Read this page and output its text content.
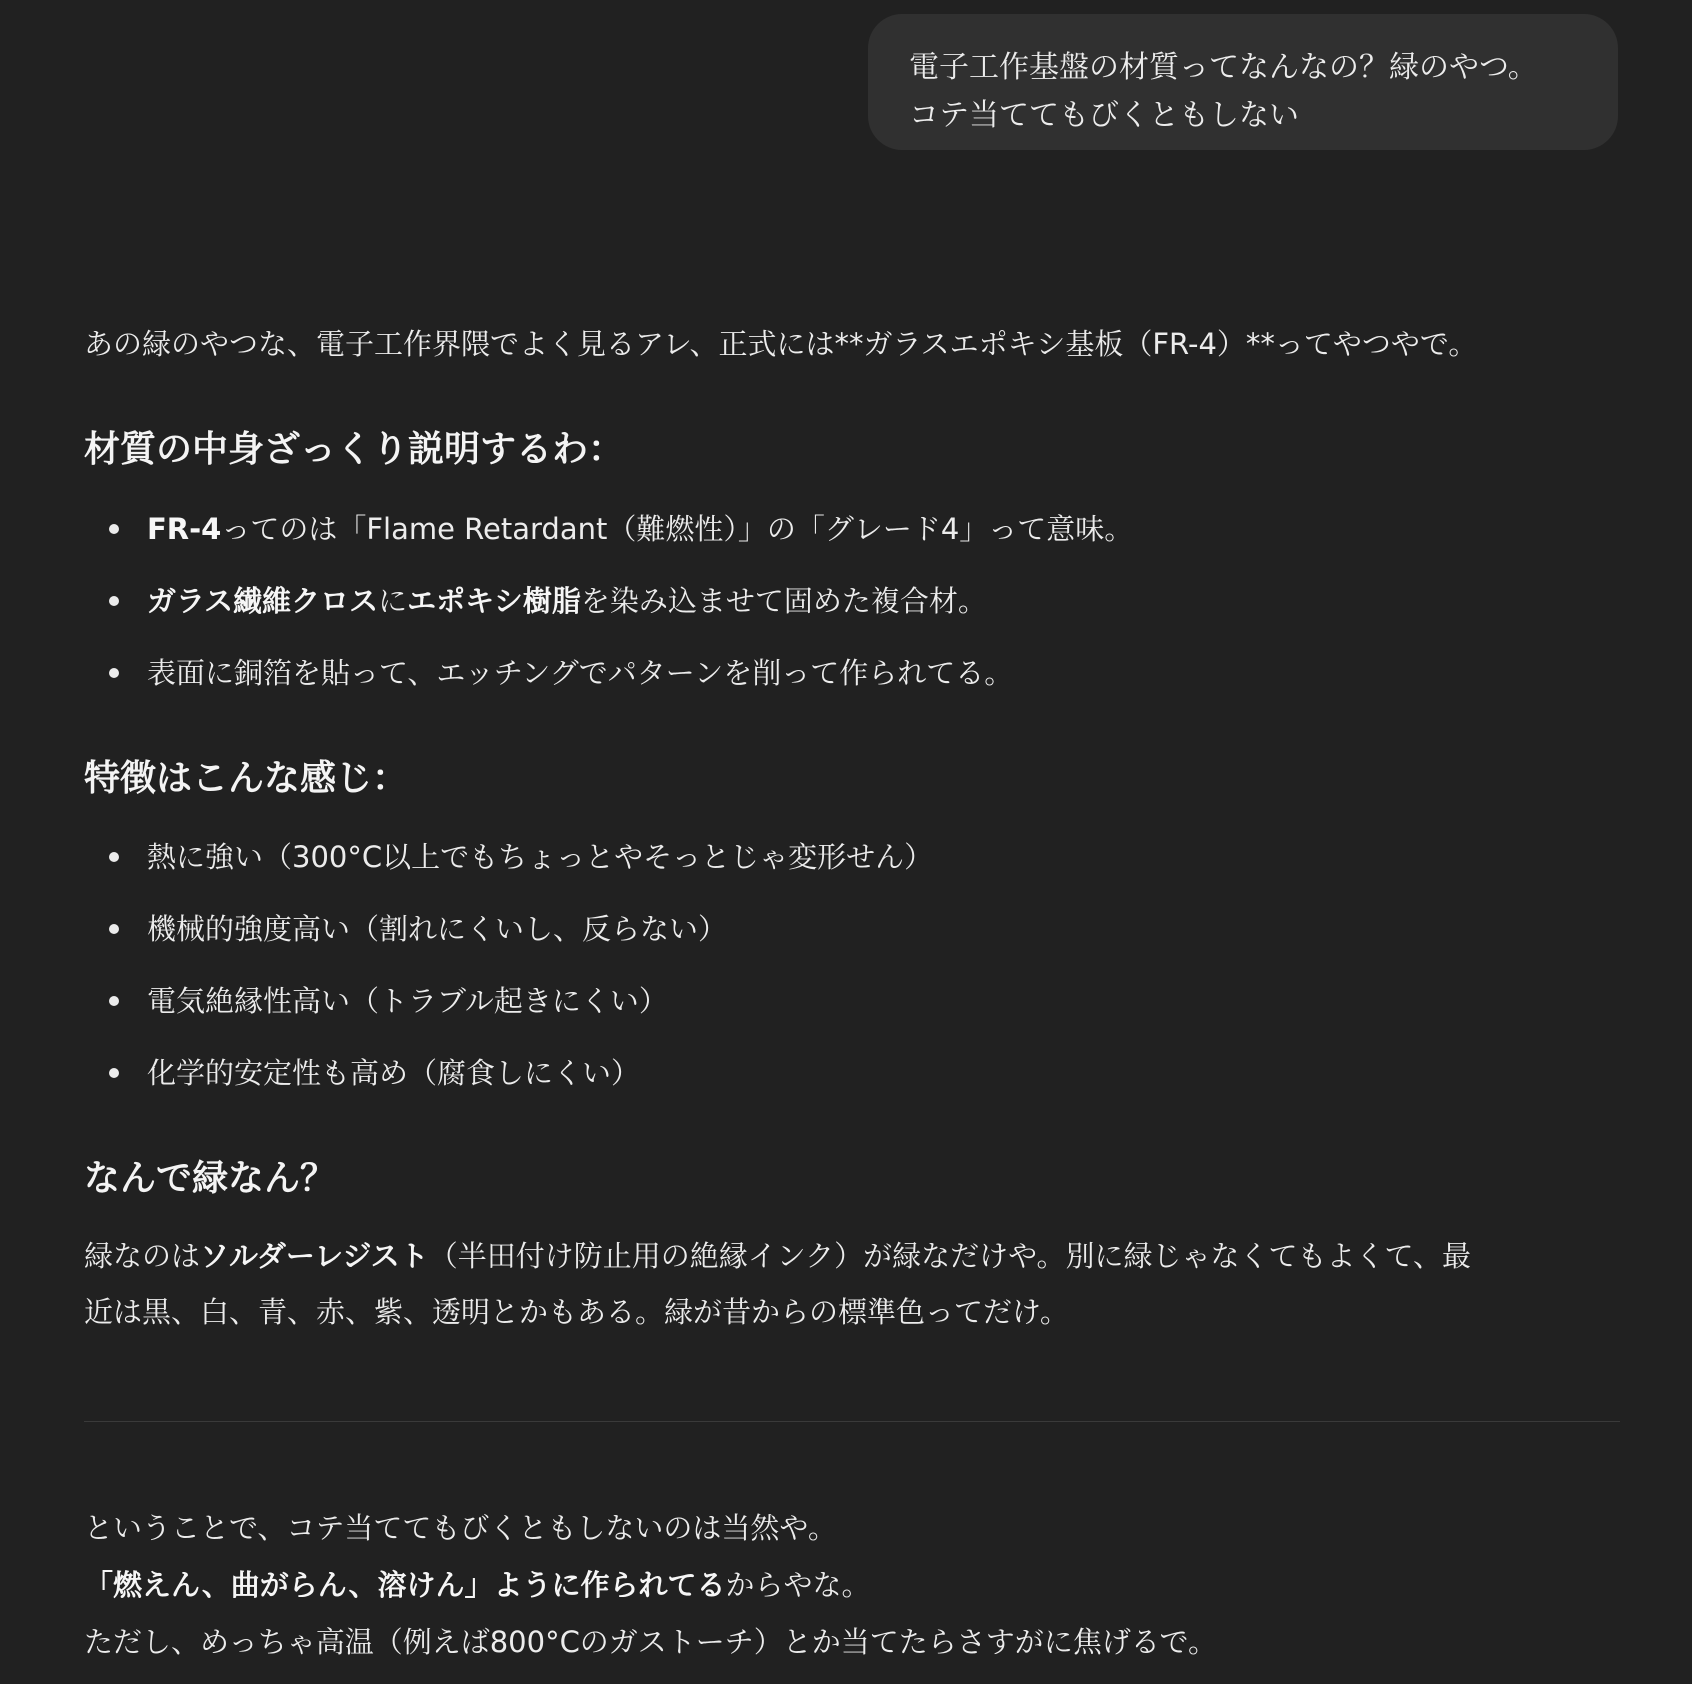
電子工作基盤の材質ってなんなの？緑のやつ。
コテ当ててもびくともしない
あの緑のやつな、電子工作界隈でよく見るアレ、正式には**ガラスエポキシ基板（FR-4）**ってやつやで。
材質の中身ざっくり説明するわ：
FR-4ってのは「Flame Retardant（難燃性）」の「グレード4」って意味。
ガラス繊維クロスにエポキシ樹脂を染み込ませて固めた複合材。
表面に銅箔を貼って、エッチングでパターンを削って作られてる。
特徴はこんな感じ：
熱に強い（300°C以上でもちょっとやそっとじゃ変形せん）
機械的強度高い（割れにくいし、反らない）
電気絶縁性高い（トラブル起きにくい）
化学的安定性も高め（腐食しにくい）
なんで緑なん？
緑なのはソルダーレジスト（半田付け防止用の絶縁インク）が緑なだけや。別に緑じゃなくてもよくて、最
近は黒、白、青、赤、紫、透明とかもある。緑が昔からの標準色ってだけ。
ということで、コテ当ててもびくともしないのは当然や。
「燃えん、曲がらん、溶けん」ように作られてるからやな。
ただし、めっちゃ高温（例えば800°Cのガストーチ）とか当てたらさすがに焦げるで。
